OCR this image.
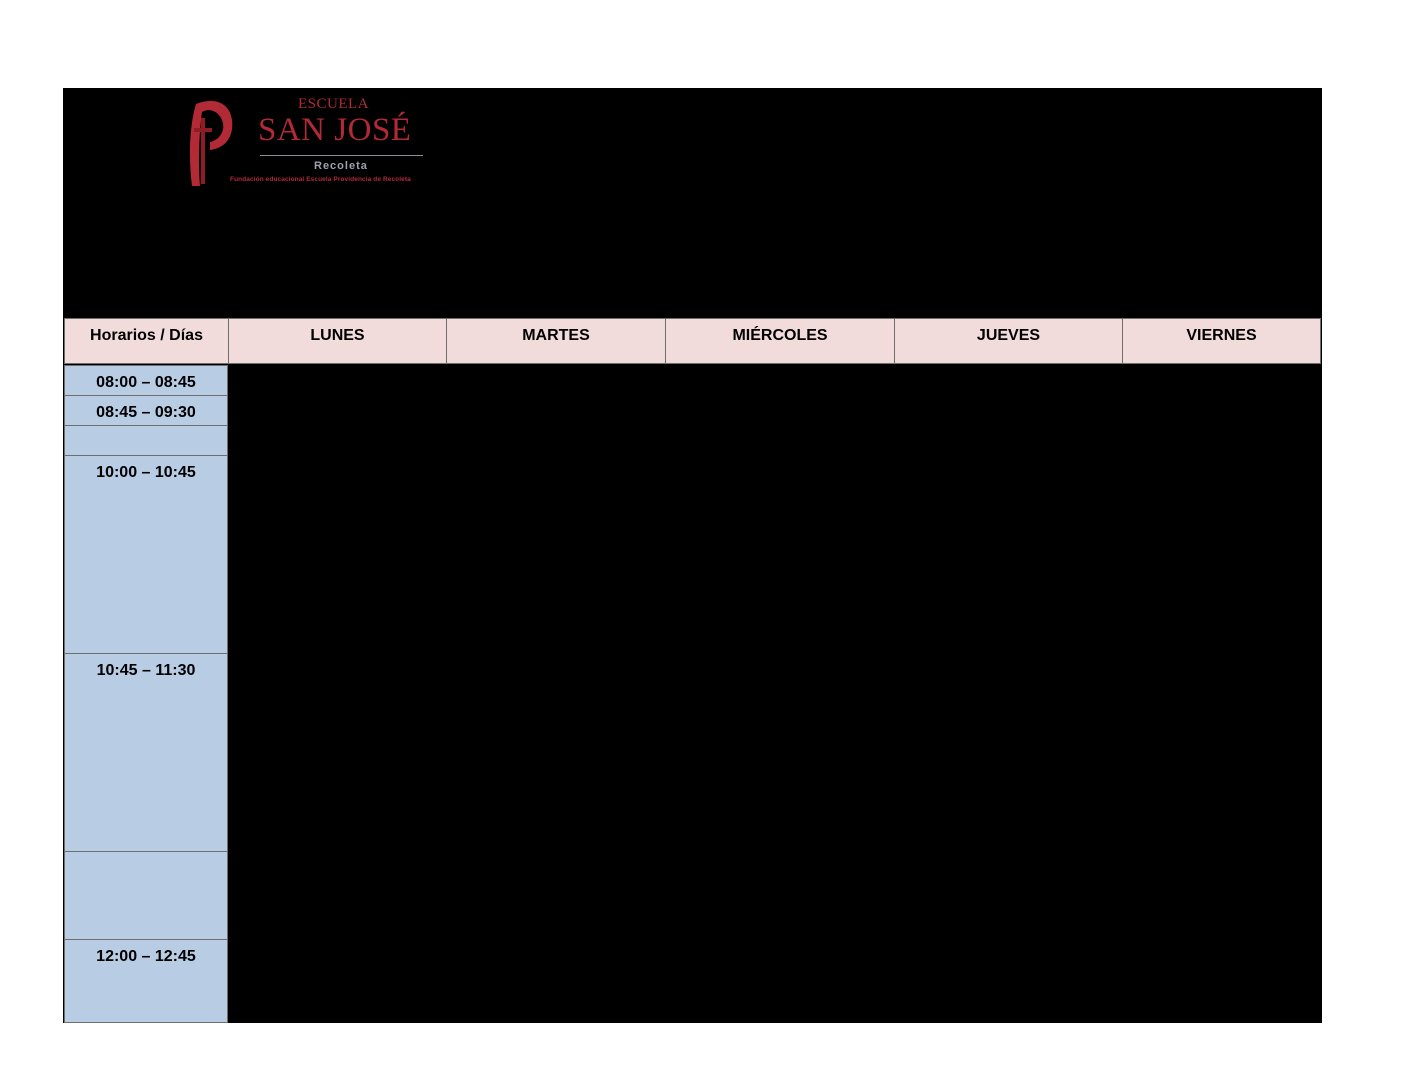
ESCUELA
SAN JOSÉ
Recoleta
Fundación educacional Escuela Providencia de Recoleta
Horarios / Días	LUNES	MARTES	MIÉRCOLES	JUEVES	VIERNES
08:00 – 08:45
08:45 – 09:30
10:00 – 10:45
10:45 – 11:30
12:00 – 12:45
